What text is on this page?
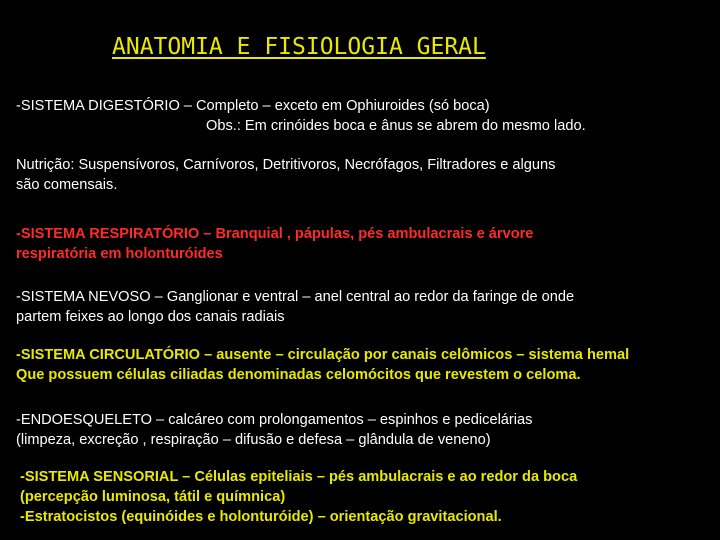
ANATOMIA E FISIOLOGIA GERAL
-SISTEMA DIGESTÓRIO – Completo – exceto em Ophiuroides (só boca)
Obs.: Em crinóides boca e ânus se abrem do mesmo lado.
Nutrição: Suspensívoros, Carnívoros, Detritivoros, Necrófagos, Filtradores e alguns
são comensais.
-SISTEMA RESPIRATÓRIO – Branquial , pápulas, pés ambulacrais e árvore
respiratória em holonturóides
-SISTEMA NEVOSO – Ganglionar e ventral – anel central ao redor da faringe de onde
partem feixes ao longo dos canais radiais
-SISTEMA CIRCULATÓRIO – ausente – circulação por canais celômicos – sistema hemal
Que possuem células ciliadas denominadas celomócitos que revestem o celoma.
-ENDOESQUELETO – calcáreo com prolongamentos – espinhos e pedicelárias
(limpeza, excreção , respiração – difusão e defesa – glândula de veneno)
-SISTEMA SENSORIAL – Células epiteliais – pés ambulacrais e ao redor da boca
(percepção luminosa, tátil e químnica)
-Estratocistos (equinóides e holonturóide) – orientação gravitacional.
